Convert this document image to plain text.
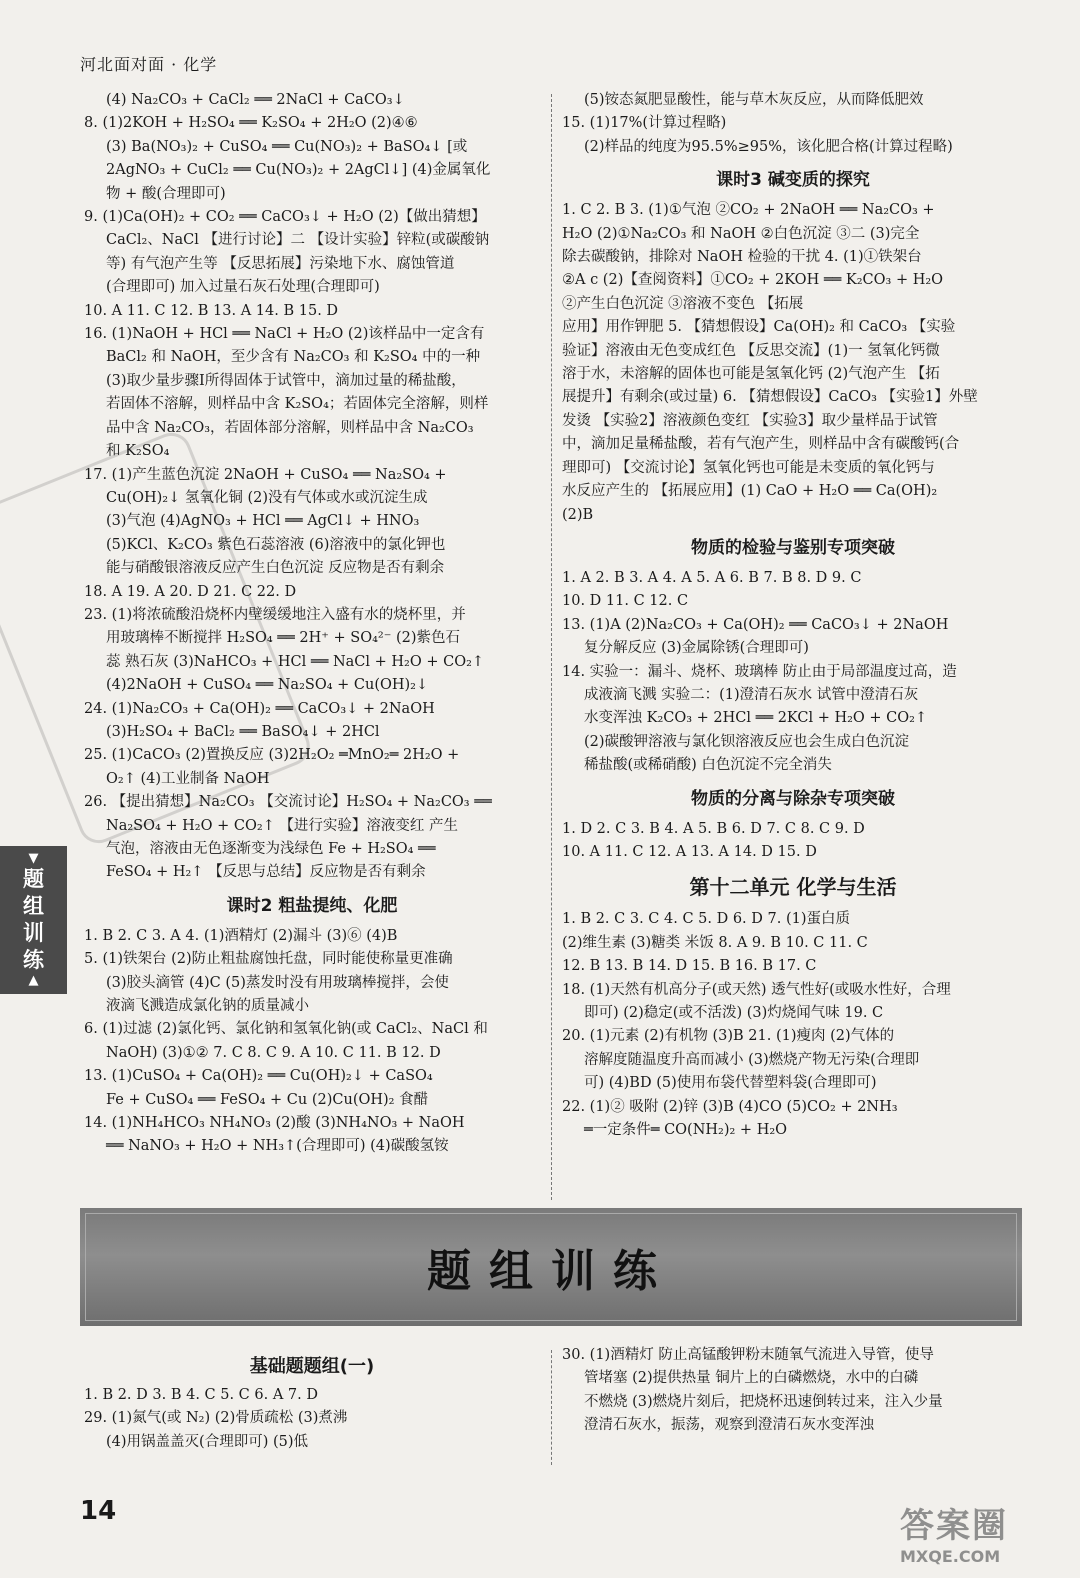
河北面对面 · 化学

(4) Na₂CO₃ + CaCl₂ ══ 2NaCl + CaCO₃↓

8. (1)2KOH + H₂SO₄ ══ K₂SO₄ + 2H₂O (2)④⑥

(3) Ba(NO₃)₂ + CuSO₄ ══ Cu(NO₃)₂ + BaSO₄↓ [或

2AgNO₃ + CuCl₂ ══ Cu(NO₃)₂ + 2AgCl↓] (4)金属氧化

物 + 酸(合理即可)

9. (1)Ca(OH)₂ + CO₂ ══ CaCO₃↓ + H₂O (2)【做出猜想】

CaCl₂、NaCl 【进行讨论】二 【设计实验】锌粒(或碳酸钠

等) 有气泡产生等 【反思拓展】污染地下水、腐蚀管道

(合理即可) 加入过量石灰石处理(合理即可)

10. A 11. C 12. B 13. A 14. B 15. D

16. (1)NaOH + HCl ══ NaCl + H₂O (2)该样品中一定含有

BaCl₂ 和 NaOH，至少含有 Na₂CO₃ 和 K₂SO₄ 中的一种

(3)取少量步骤Ⅰ所得固体于试管中，滴加过量的稀盐酸，

若固体不溶解，则样品中含 K₂SO₄；若固体完全溶解，则样

品中含 Na₂CO₃，若固体部分溶解，则样品中含 Na₂CO₃

和 K₂SO₄

17. (1)产生蓝色沉淀 2NaOH + CuSO₄ ══ Na₂SO₄ +

Cu(OH)₂↓ 氢氧化铜 (2)没有气体或水或沉淀生成

(3)气泡 (4)AgNO₃ + HCl ══ AgCl↓ + HNO₃

(5)KCl、K₂CO₃ 紫色石蕊溶液 (6)溶液中的氯化钾也

能与硝酸银溶液反应产生白色沉淀 反应物是否有剩余

18. A 19. A 20. D 21. C 22. D

23. (1)将浓硫酸沿烧杯内壁缓缓地注入盛有水的烧杯里，并

用玻璃棒不断搅拌 H₂SO₄ ══ 2H⁺ + SO₄²⁻ (2)紫色石

蕊 熟石灰 (3)NaHCO₃ + HCl ══ NaCl + H₂O + CO₂↑

(4)2NaOH + CuSO₄ ══ Na₂SO₄ + Cu(OH)₂↓

24. (1)Na₂CO₃ + Ca(OH)₂ ══ CaCO₃↓ + 2NaOH

(3)H₂SO₄ + BaCl₂ ══ BaSO₄↓ + 2HCl

25. (1)CaCO₃ (2)置换反应 (3)2H₂O₂ ═MnO₂═ 2H₂O +

O₂↑ (4)工业制备 NaOH

26. 【提出猜想】Na₂CO₃ 【交流讨论】H₂SO₄ + Na₂CO₃ ══

Na₂SO₄ + H₂O + CO₂↑ 【进行实验】溶液变红 产生

气泡，溶液由无色逐渐变为浅绿色 Fe + H₂SO₄ ══

FeSO₄ + H₂↑ 【反思与总结】反应物是否有剩余

课时2 粗盐提纯、化肥

1. B 2. C 3. A 4. (1)酒精灯 (2)漏斗 (3)⑥ (4)B

5. (1)铁架台 (2)防止粗盐腐蚀托盘，同时能使称量更准确

(3)胶头滴管 (4)C (5)蒸发时没有用玻璃棒搅拌，会使

液滴飞溅造成氯化钠的质量减小

6. (1)过滤 (2)氯化钙、氯化钠和氢氧化钠(或 CaCl₂、NaCl 和

NaOH) (3)①② 7. C 8. C 9. A 10. C 11. B 12. D

13. (1)CuSO₄ + Ca(OH)₂ ══ Cu(OH)₂↓ + CaSO₄

Fe + CuSO₄ ══ FeSO₄ + Cu (2)Cu(OH)₂ 食醋

14. (1)NH₄HCO₃ NH₄NO₃ (2)酸 (3)NH₄NO₃ + NaOH

══ NaNO₃ + H₂O + NH₃↑(合理即可) (4)碳酸氢铵

(5)铵态氮肥显酸性，能与草木灰反应，从而降低肥效

15. (1)17%(计算过程略)

(2)样品的纯度为95.5%≥95%，该化肥合格(计算过程略)

课时3 碱变质的探究

1. C 2. B 3. (1)①气泡 ②CO₂ + 2NaOH ══ Na₂CO₃ +

H₂O (2)①Na₂CO₃ 和 NaOH ②白色沉淀 ③二 (3)完全

除去碳酸钠，排除对 NaOH 检验的干扰 4. (1)①铁架台

②A c (2)【查阅资料】①CO₂ + 2KOH ══ K₂CO₃ + H₂O

②产生白色沉淀 ③溶液不变色 【拓展

应用】用作钾肥 5. 【猜想假设】Ca(OH)₂ 和 CaCO₃ 【实验

验证】溶液由无色变成红色 【反思交流】(1)一 氢氧化钙微

溶于水，未溶解的固体也可能是氢氧化钙 (2)气泡产生 【拓

展提升】有剩余(或过量) 6. 【猜想假设】CaCO₃ 【实验1】外壁

发烫 【实验2】溶液颜色变红 【实验3】取少量样品于试管

中，滴加足量稀盐酸，若有气泡产生，则样品中含有碳酸钙(合

理即可) 【交流讨论】氢氧化钙也可能是未变质的氧化钙与

水反应产生的 【拓展应用】(1) CaO + H₂O ══ Ca(OH)₂

(2)B

物质的检验与鉴别专项突破

1. A 2. B 3. A 4. A 5. A 6. B 7. B 8. D 9. C

10. D 11. C 12. C

13. (1)A (2)Na₂CO₃ + Ca(OH)₂ ══ CaCO₃↓ + 2NaOH

复分解反应 (3)金属除锈(合理即可)

14. 实验一：漏斗、烧杯、玻璃棒 防止由于局部温度过高，造

成液滴飞溅 实验二：(1)澄清石灰水 试管中澄清石灰

水变浑浊 K₂CO₃ + 2HCl ══ 2KCl + H₂O + CO₂↑

(2)碳酸钾溶液与氯化钡溶液反应也会生成白色沉淀

稀盐酸(或稀硝酸) 白色沉淀不完全消失

物质的分离与除杂专项突破

1. D 2. C 3. B 4. A 5. B 6. D 7. C 8. C 9. D

10. A 11. C 12. A 13. A 14. D 15. D

第十二单元 化学与生活

1. B 2. C 3. C 4. C 5. D 6. D 7. (1)蛋白质

(2)维生素 (3)糖类 米饭 8. A 9. B 10. C 11. C

12. B 13. B 14. D 15. B 16. B 17. C

18. (1)天然有机高分子(或天然) 透气性好(或吸水性好，合理

即可) (2)稳定(或不活泼) (3)灼烧闻气味 19. C

20. (1)元素 (2)有机物 (3)B 21. (1)瘦肉 (2)气体的

溶解度随温度升高而减小 (3)燃烧产物无污染(合理即

可) (4)BD (5)使用布袋代替塑料袋(合理即可)

22. (1)② 吸附 (2)锌 (3)B (4)CO (5)CO₂ + 2NH₃

═一定条件═ CO(NH₂)₂ + H₂O

▼
题
组
训
练
▲
题组训练

基础题题组(一)

1. B 2. D 3. B 4. C 5. C 6. A 7. D

29. (1)氮气(或 N₂) (2)骨质疏松 (3)煮沸

(4)用锅盖盖灭(合理即可) (5)低

30. (1)酒精灯 防止高锰酸钾粉末随氧气流进入导管，使导

管堵塞 (2)提供热量 铜片上的白磷燃烧，水中的白磷

不燃烧 (3)燃烧片刻后，把烧杯迅速倒转过来，注入少量

澄清石灰水，振荡，观察到澄清石灰水变浑浊

14	答案圈
MXQE.COM
